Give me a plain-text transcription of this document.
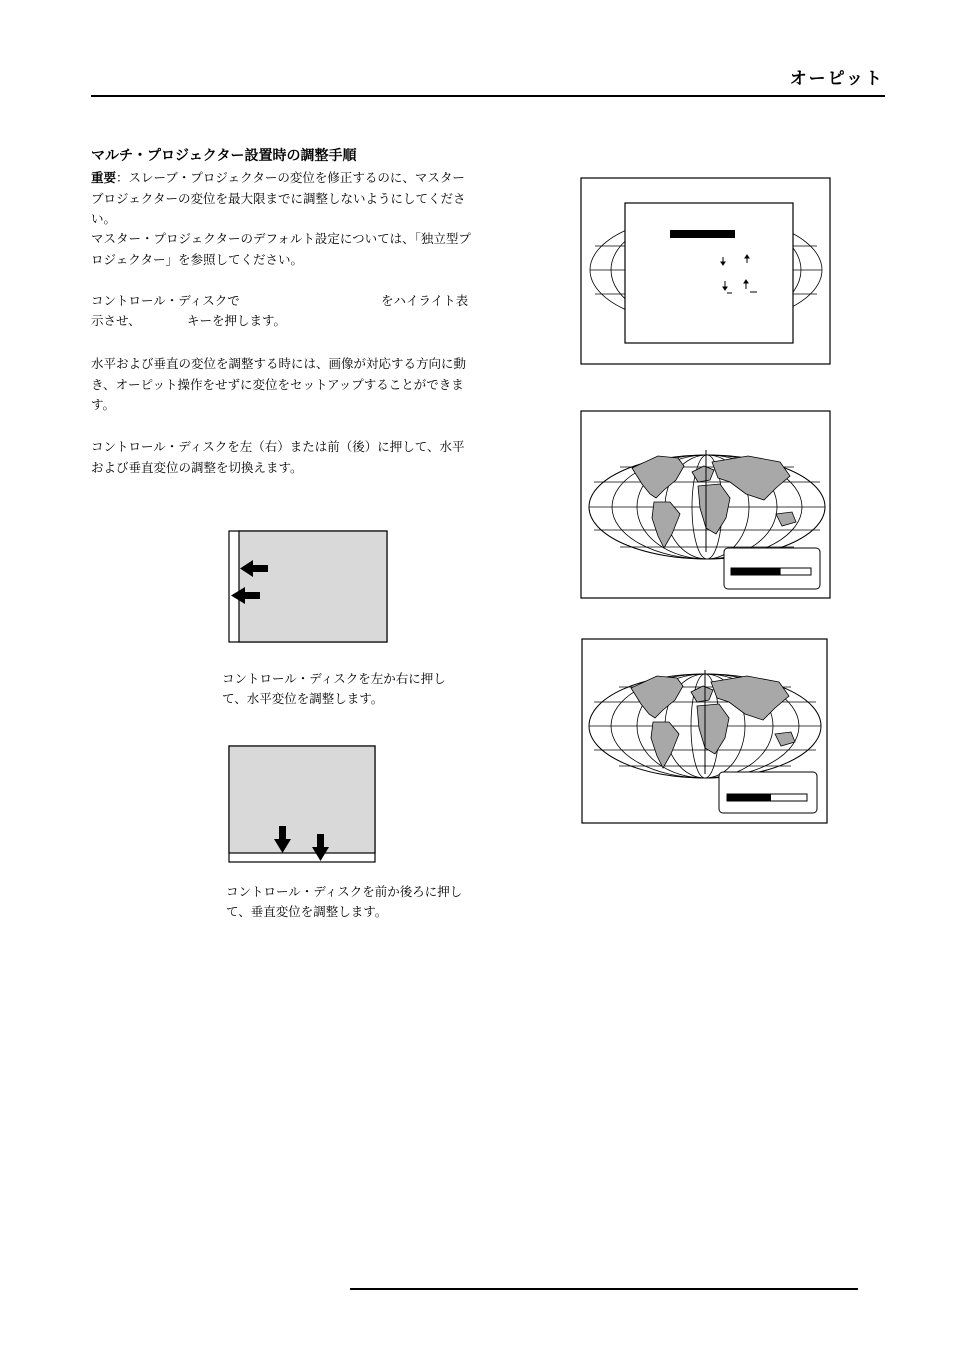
オーピット
マルチ・プロジェクター設置時の調整手順
重要：スレーブ・プロジェクターの変位を修正するのに、マスターブロジェクターの変位を最大限までに調整しないようにしてください。
マスター・プロジェクターのデフォルト設定については、「独立型プロジェクター」を参照してください。
コントロール・ディスクで	をハイライト表
示させ、	キーを押します。
水平および垂直の変位を調整する時には、画像が対応する方向に動き、オーピット操作をせずに変位をセットアップすることができます。
コントロール・ディスクを左（右）または前（後）に押して、水平および垂直変位の調整を切換えます。
コントロール・ディスクを左か右に押して、水平変位を調整します。
コントロール・ディスクを前か後ろに押して、垂直変位を調整します。
